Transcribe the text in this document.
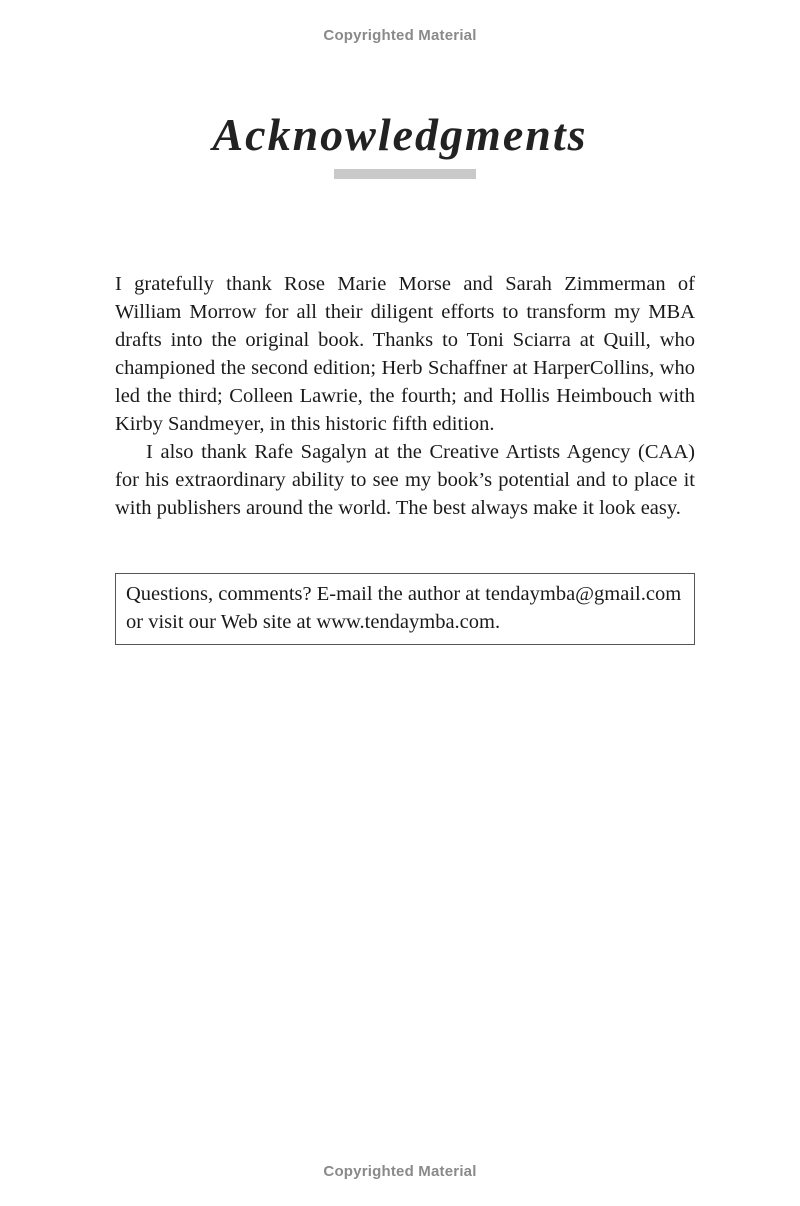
Copyrighted Material
Acknowledgments

I gratefully thank Rose Marie Morse and Sarah Zimmerman of William Morrow for all their diligent efforts to transform my MBA drafts into the original book. Thanks to Toni Sciarra at Quill, who championed the second edition; Herb Schaffner at HarperCollins, who led the third; Colleen Lawrie, the fourth; and Hollis Heimbouch with Kirby Sandmeyer, in this historic fifth edition.

I also thank Rafe Sagalyn at the Creative Artists Agency (CAA) for his extraordinary ability to see my book’s potential and to place it with publishers around the world. The best always make it look easy.

Questions, comments? E-mail the author at tendaymba@gmail.com
or visit our Web site at www.tendaymba.com.
Copyrighted Material
